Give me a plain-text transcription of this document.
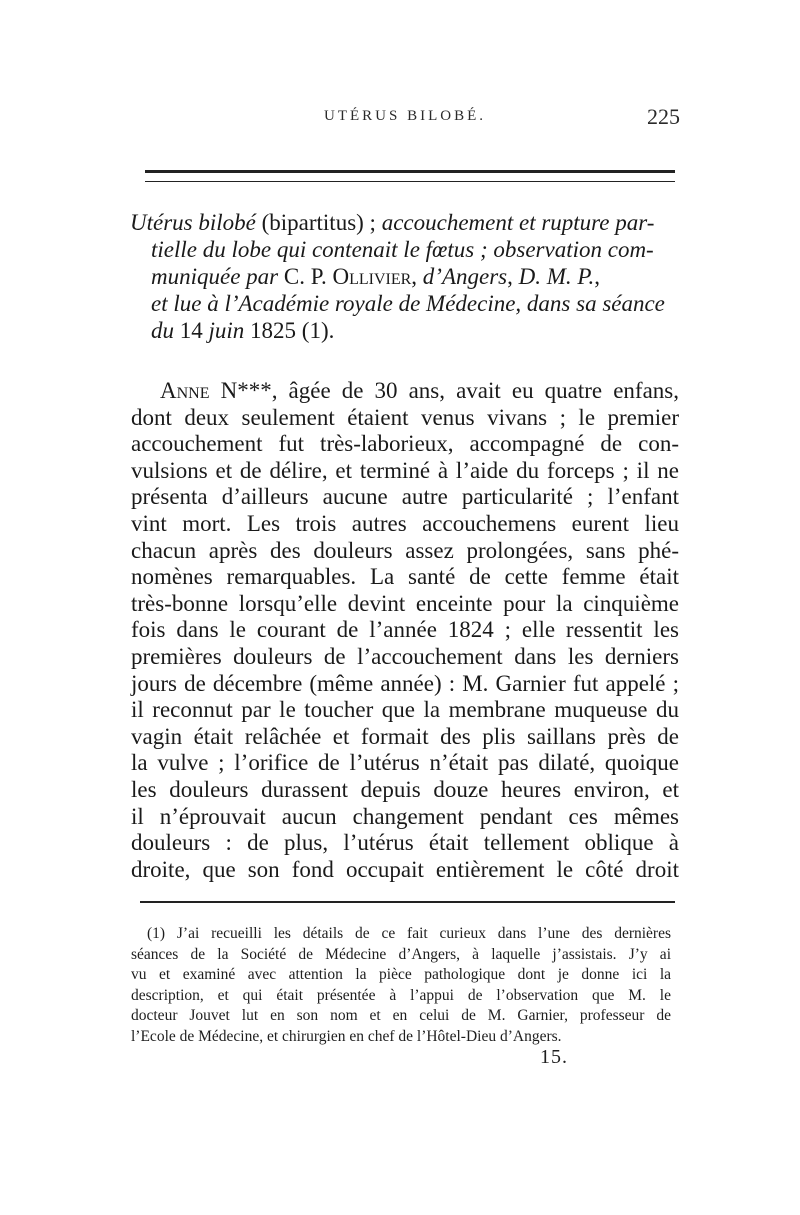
UTÉRUS BILOBÉ.	225
Utérus bilobé (bipartitus) ; accouchement et rupture par-
tielle du lobe qui contenait le fœtus ; observation com-
muniquée par C. P. Ollivier, d’Angers, D. M. P.,
et lue à l’Académie royale de Médecine, dans sa séance
du 14 juin 1825 (1).
Anne N***, âgée de 30 ans, avait eu quatre enfans,
dont deux seulement étaient venus vivans ; le premier
accouchement fut très-laborieux, accompagné de con-
vulsions et de délire, et terminé à l’aide du forceps ; il ne
présenta d’ailleurs aucune autre particularité ; l’enfant
vint mort. Les trois autres accouchemens eurent lieu
chacun après des douleurs assez prolongées, sans phé-
nomènes remarquables. La santé de cette femme était
très-bonne lorsqu’elle devint enceinte pour la cinquième
fois dans le courant de l’année 1824 ; elle ressentit les
premières douleurs de l’accouchement dans les derniers
jours de décembre (même année) : M. Garnier fut appelé ;
il reconnut par le toucher que la membrane muqueuse du
vagin était relâchée et formait des plis saillans près de
la vulve ; l’orifice de l’utérus n’était pas dilaté, quoique
les douleurs durassent depuis douze heures environ, et
il n’éprouvait aucun changement pendant ces mêmes
douleurs : de plus, l’utérus était tellement oblique à
droite, que son fond occupait entièrement le côté droit
(1) J’ai recueilli les détails de ce fait curieux dans l’une des dernières
séances de la Société de Médecine d’Angers, à laquelle j’assistais. J’y ai
vu et examiné avec attention la pièce pathologique dont je donne ici la
description, et qui était présentée à l’appui de l’observation que M. le
docteur Jouvet lut en son nom et en celui de M. Garnier, professeur de
l’Ecole de Médecine, et chirurgien en chef de l’Hôtel-Dieu d’Angers.
15.
